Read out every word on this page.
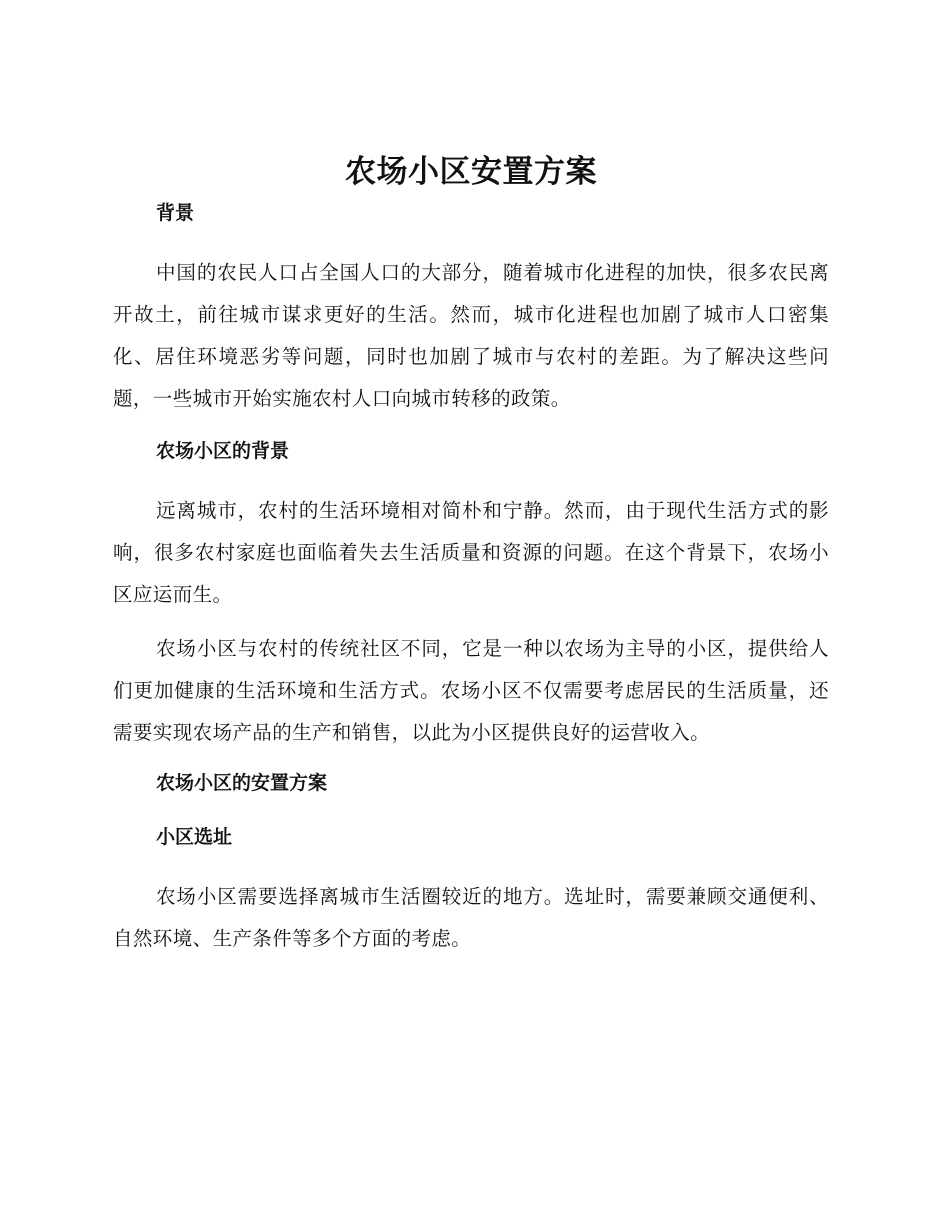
农场小区安置方案
背景

中国的农民人口占全国人口的大部分，随着城市化进程的加快，很多农民离开故土，前往城市谋求更好的生活。然而，城市化进程也加剧了城市人口密集化、居住环境恶劣等问题，同时也加剧了城市与农村的差距。为了解决这些问题，一些城市开始实施农村人口向城市转移的政策。

农场小区的背景

远离城市，农村的生活环境相对简朴和宁静。然而，由于现代生活方式的影响，很多农村家庭也面临着失去生活质量和资源的问题。在这个背景下，农场小区应运而生。

农场小区与农村的传统社区不同，它是一种以农场为主导的小区，提供给人们更加健康的生活环境和生活方式。农场小区不仅需要考虑居民的生活质量，还需要实现农场产品的生产和销售，以此为小区提供良好的运营收入。

农场小区的安置方案
小区选址

农场小区需要选择离城市生活圈较近的地方。选址时，需要兼顾交通便利、自然环境、生产条件等多个方面的考虑。
